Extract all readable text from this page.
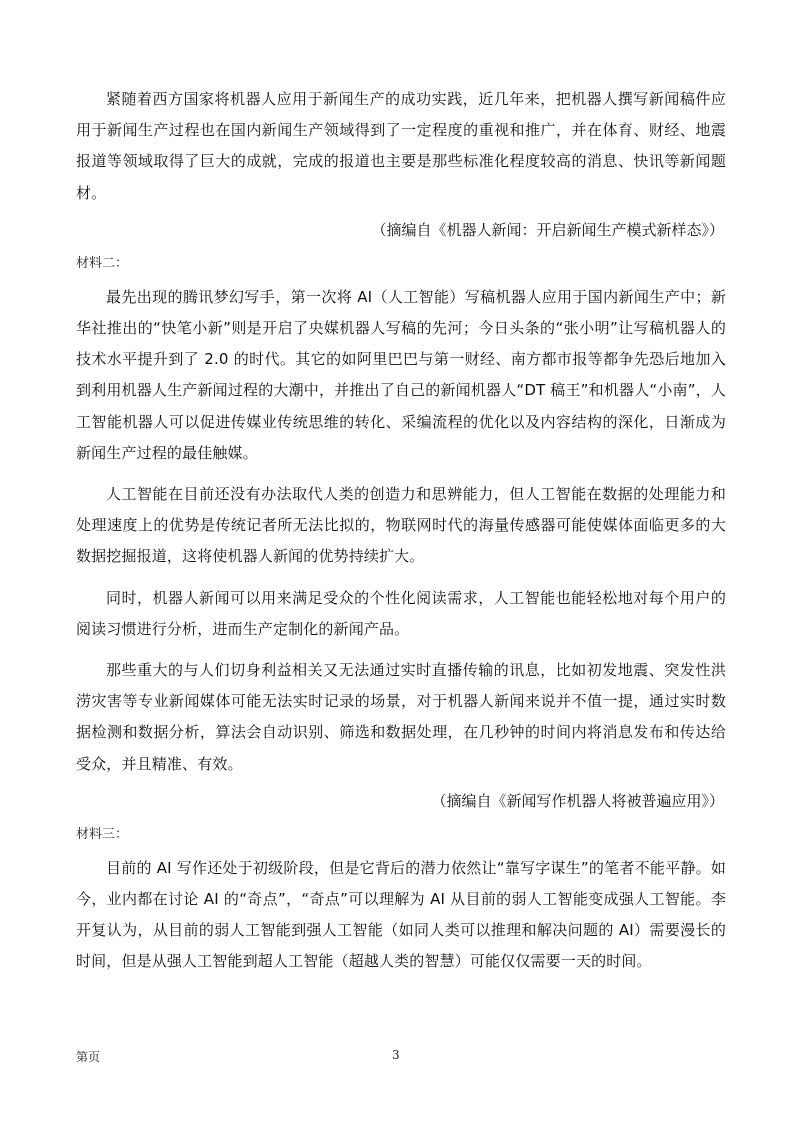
紧随着西方国家将机器人应用于新闻生产的成功实践，近几年来，把机器人撰写新闻稿件应用于新闻生产过程也在国内新闻生产领域得到了一定程度的重视和推广，并在体育、财经、地震报道等领域取得了巨大的成就，完成的报道也主要是那些标准化程度较高的消息、快讯等新闻题材。

（摘编自《机器人新闻：开启新闻生产模式新样态》）
材料二：

最先出现的腾讯梦幻写手，第一次将 AI（人工智能）写稿机器人应用于国内新闻生产中；新华社推出的“快笔小新”则是开启了央媒机器人写稿的先河；今日头条的“张小明”让写稿机器人的技术水平提升到了 2.0 的时代。其它的如阿里巴巴与第一财经、南方都市报等都争先恐后地加入到利用机器人生产新闻过程的大潮中，并推出了自己的新闻机器人“DT 稿王”和机器人“小南”，人工智能机器人可以促进传媒业传统思维的转化、采编流程的优化以及内容结构的深化，日渐成为新闻生产过程的最佳触媒。

人工智能在目前还没有办法取代人类的创造力和思辨能力，但人工智能在数据的处理能力和处理速度上的优势是传统记者所无法比拟的，物联网时代的海量传感器可能使媒体面临更多的大数据挖掘报道，这将使机器人新闻的优势持续扩大。

同时，机器人新闻可以用来满足受众的个性化阅读需求，人工智能也能轻松地对每个用户的阅读习惯进行分析，进而生产定制化的新闻产品。

那些重大的与人们切身利益相关又无法通过实时直播传输的讯息，比如初发地震、突发性洪涝灾害等专业新闻媒体可能无法实时记录的场景，对于机器人新闻来说并不值一提，通过实时数据检测和数据分析，算法会自动识别、筛选和数据处理，在几秒钟的时间内将消息发布和传达给受众，并且精准、有效。

（摘编自《新闻写作机器人将被普遍应用》）
材料三：

目前的 AI 写作还处于初级阶段，但是它背后的潜力依然让“靠写字谋生”的笔者不能平静。如今，业内都在讨论 AI 的“奇点”，“奇点”可以理解为 AI 从目前的弱人工智能变成强人工智能。李开复认为，从目前的弱人工智能到强人工智能（如同人类可以推理和解决问题的 AI）需要漫长的时间，但是从强人工智能到超人工智能（超越人类的智慧）可能仅仅需要一天的时间。

第页	3
